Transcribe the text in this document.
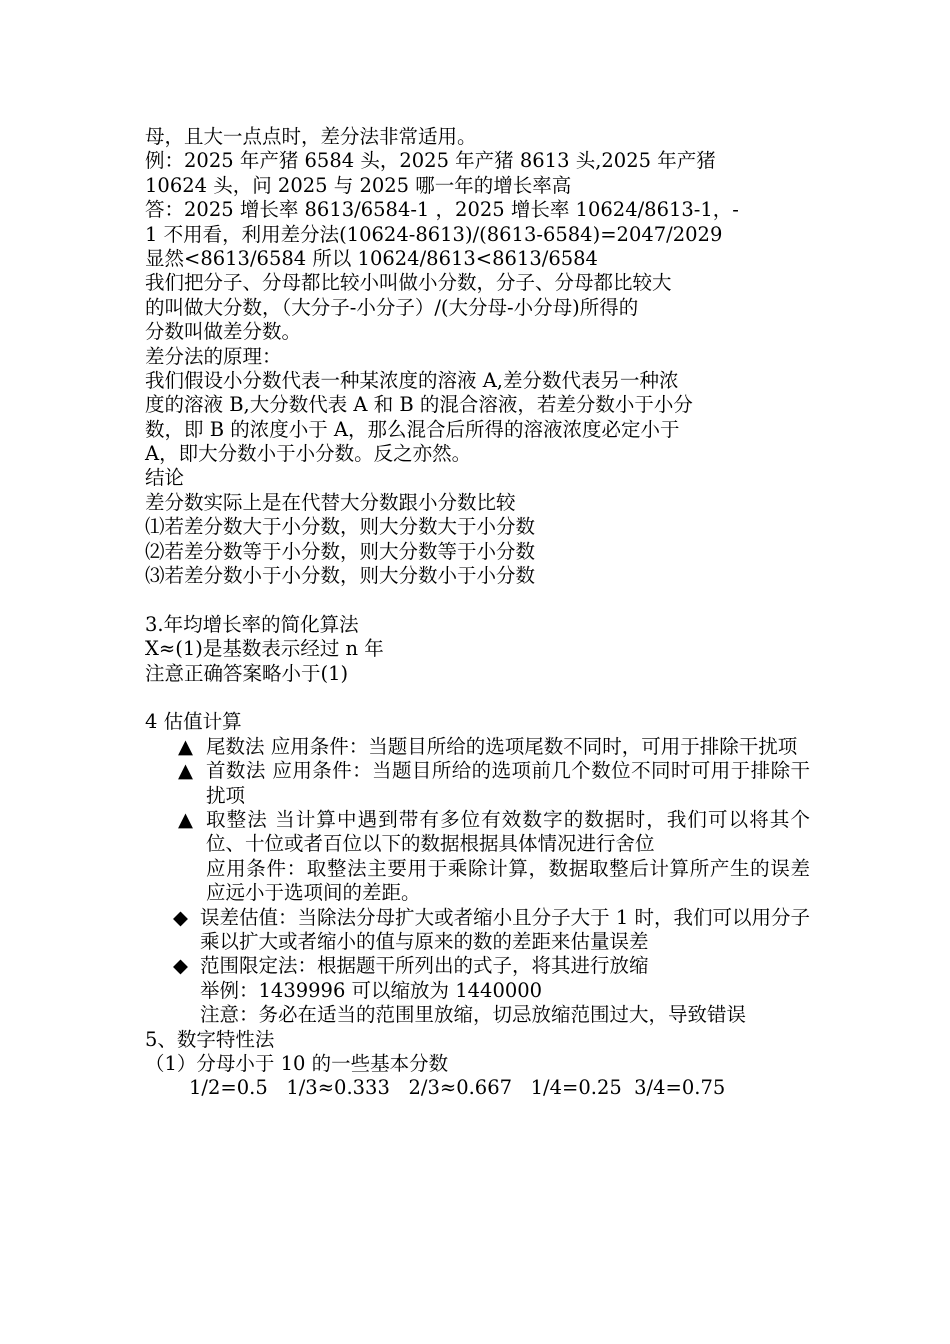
母，且大一点点时，差分法非常适用。
例：2025 年产猪 6584 头，2025 年产猪 8613 头,2025 年产猪
10624 头，问 2025 与 2025 哪一年的增长率高
答：2025 增长率 8613/6584-1 ，2025 增长率 10624/8613-1，-
1 不用看，利用差分法(10624-8613)/(8613-6584)=2047/2029
显然<8613/6584 所以 10624/8613<8613/6584
我们把分子、分母都比较小叫做小分数，分子、分母都比较大
的叫做大分数，（大分子-小分子）/(大分母-小分母)所得的
分数叫做差分数。
差分法的原理：
我们假设小分数代表一种某浓度的溶液 A,差分数代表另一种浓
度的溶液 B,大分数代表 A 和 B 的混合溶液，若差分数小于小分
数，即 B 的浓度小于 A，那么混合后所得的溶液浓度必定小于
A，即大分数小于小分数。反之亦然。
结论
差分数实际上是在代替大分数跟小分数比较
⑴若差分数大于小分数，则大分数大于小分数
⑵若差分数等于小分数，则大分数等于小分数
⑶若差分数小于小分数，则大分数小于小分数
3.年均增长率的简化算法
X≈(1)是基数表示经过 n 年
注意正确答案略小于(1)
4 估值计算
▲ 尾数法 应用条件：当题目所给的选项尾数不同时，可用于排除干扰项
▲ 首数法 应用条件：当题目所给的选项前几个数位不同时可用于排除干扰项
▲ 取整法 当计算中遇到带有多位有效数字的数据时，我们可以将其个位、十位或者百位以下的数据根据具体情况进行舍位
应用条件：取整法主要用于乘除计算，数据取整后计算所产生的误差应远小于选项间的差距。
◆ 误差估值：当除法分母扩大或者缩小且分子大于 1 时，我们可以用分子乘以扩大或者缩小的值与原来的数的差距来估量误差
◆ 范围限定法：根据题干所列出的式子，将其进行放缩
举例：1439996 可以缩放为 1440000
注意：务必在适当的范围里放缩，切忌放缩范围过大，导致错误
5、数字特性法
（1）分母小于 10 的一些基本分数
1/2=0.5   1/3≈0.333   2/3≈0.667   1/4=0.25  3/4=0.75
